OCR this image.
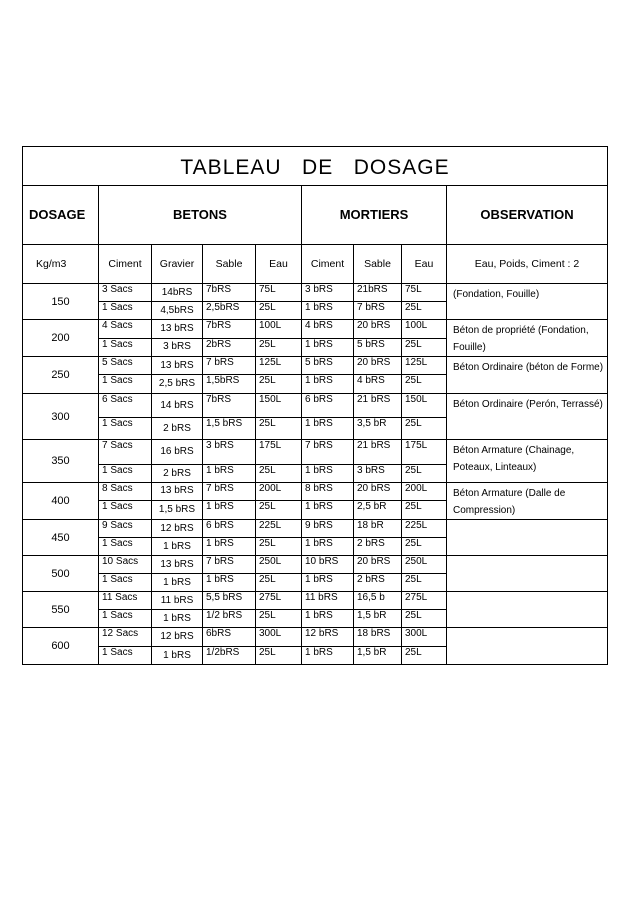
TABLEAU   DE   DOSAGE								
DOSAGE	BETONS				MORTIERS			OBSERVATION
Kg/m3	Ciment	Gravier	Sable	Eau	Ciment	Sable	Eau	Eau, Poids, Ciment : 2
150	3 Sacs	14bRS	7bRS	75L	3 bRS	21bRS	75L	(Fondation, Fouille)
	1 Sacs	4,5bRS	2,5bRS	25L	1 bRS	7 bRS	25L	
200	4 Sacs	13 bRS	7bRS	100L	4 bRS	20 bRS	100L	Béton de propriété (Fondation, Fouille)
	1 Sacs	3 bRS	2bRS	25L	1 bRS	5 bRS	25L	
250	5 Sacs	13 bRS	7 bRS	125L	5 bRS	20 bRS	125L	Béton Ordinaire (béton de Forme)
	1 Sacs	2,5 bRS	1,5bRS	25L	1 bRS	4 bRS	25L	
300	6 Sacs	14 bRS	7bRS	150L	6 bRS	21 bRS	150L	Béton Ordinaire (Perón, Terrassé)
	1 Sacs	2 bRS	1,5 bRS	25L	1 bRS	3,5 bR	25L	
350	7 Sacs	16 bRS	3 bRS	175L	7 bRS	21 bRS	175L	Béton Armature (Chainage, Poteaux, Linteaux)
	1 Sacs	2 bRS	1 bRS	25L	1 bRS	3 bRS	25L	
400	8 Sacs	13 bRS	7 bRS	200L	8 bRS	20 bRS	200L	Béton Armature (Dalle de Compression)
	1 Sacs	1,5 bRS	1 bRS	25L	1 bRS	2,5 bR	25L	
450	9 Sacs	12 bRS	6 bRS	225L	9 bRS	18 bR	225L	
	1 Sacs	1 bRS	1 bRS	25L	1 bRS	2 bRS	25L	
500	10 Sacs	13 bRS	7 bRS	250L	10 bRS	20 bRS	250L	
	1 Sacs	1 bRS	1 bRS	25L	1 bRS	2 bRS	25L	
550	11 Sacs	11 bRS	5,5 bRS	275L	11 bRS	16,5 b	275L	
	1 Sacs	1 bRS	1/2 bRS	25L	1 bRS	1,5 bR	25L	
600	12 Sacs	12 bRS	6bRS	300L	12 bRS	18 bRS	300L	
	1 Sacs	1 bRS	1/2bRS	25L	1 bRS	1,5 bR	25L	
